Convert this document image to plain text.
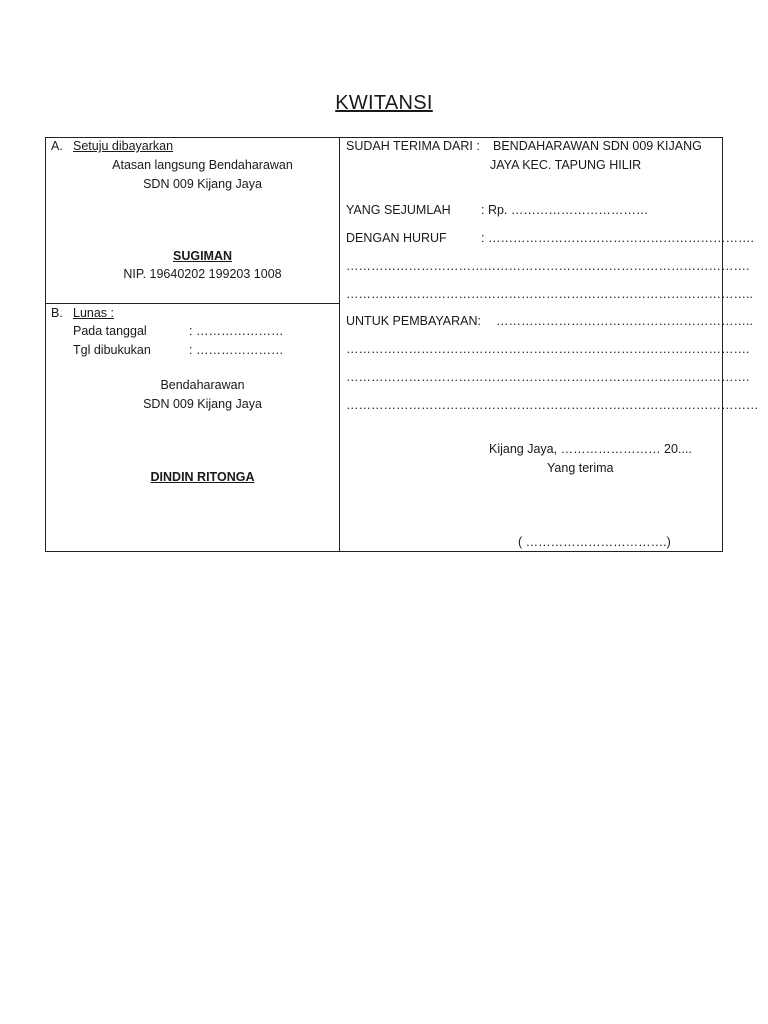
KWITANSI
A. Setuju dibayarkan
Atasan langsung Bendaharawan
SDN 009 Kijang Jaya
SUGIMAN
NIP. 19640202 199203 1008
B. Lunas :
Pada tanggal	: …………………
Tgl dibukukan	: …………………
Bendaharawan
SDN 009 Kijang Jaya
DINDIN RITONGA
SUDAH TERIMA DARI : BENDAHARAWAN SDN 009 KIJANG
JAYA KEC. TAPUNG HILIR
YANG SEJUMLAH : Rp. ……………………………
DENGAN HURUF	: ……………………………………………………….
…………………………………………………………………………………….
……………………………………………………………………………………..
UNTUK PEMBAYARAN: ……………………………………………………..
…………………………………………………………………………………….
…………………………………………………………………………………….
………………………………………………………………………………………
Kijang Jaya, …………………… 20....
Yang terima
( …………………………….)
